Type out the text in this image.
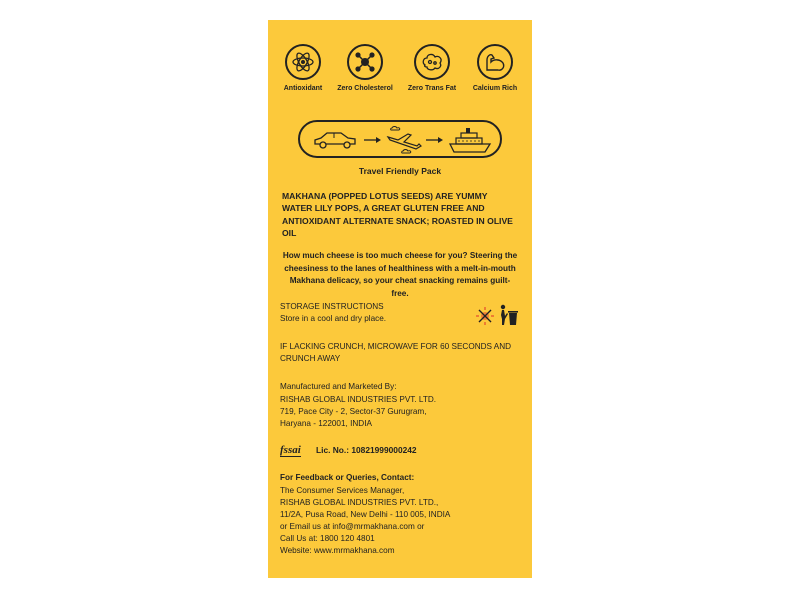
Antioxidant	Zero Cholesterol	Zero Trans Fat	Calcium Rich
Travel Friendly Pack
MAKHANA (POPPED LOTUS SEEDS) ARE YUMMY WATER LILY POPS, A GREAT GLUTEN FREE AND ANTIOXIDANT ALTERNATE SNACK; ROASTED IN OLIVE OIL
How much cheese is too much cheese for you? Steering the cheesiness to the lanes of healthiness with a melt-in-mouth Makhana delicacy, so your cheat snacking remains guilt-free.
STORAGE INSTRUCTIONS
Store in a cool and dry place.
IF LACKING CRUNCH, MICROWAVE FOR 60 SECONDS AND
CRUNCH AWAY
Manufactured and Marketed By:
RISHAB GLOBAL INDUSTRIES PVT. LTD.
719, Pace City - 2, Sector-37 Gurugram,
Haryana - 122001, INDIA
fssai Lic. No.: 10821999000242
For Feedback or Queries, Contact:
The Consumer Services Manager,
RISHAB GLOBAL INDUSTRIES PVT. LTD.,
11/2A, Pusa Road, New Delhi - 110 005, INDIA
or Email us at info@mrmakhana.com or
Call Us at: 1800 120 4801
Website: www.mrmakhana.com
